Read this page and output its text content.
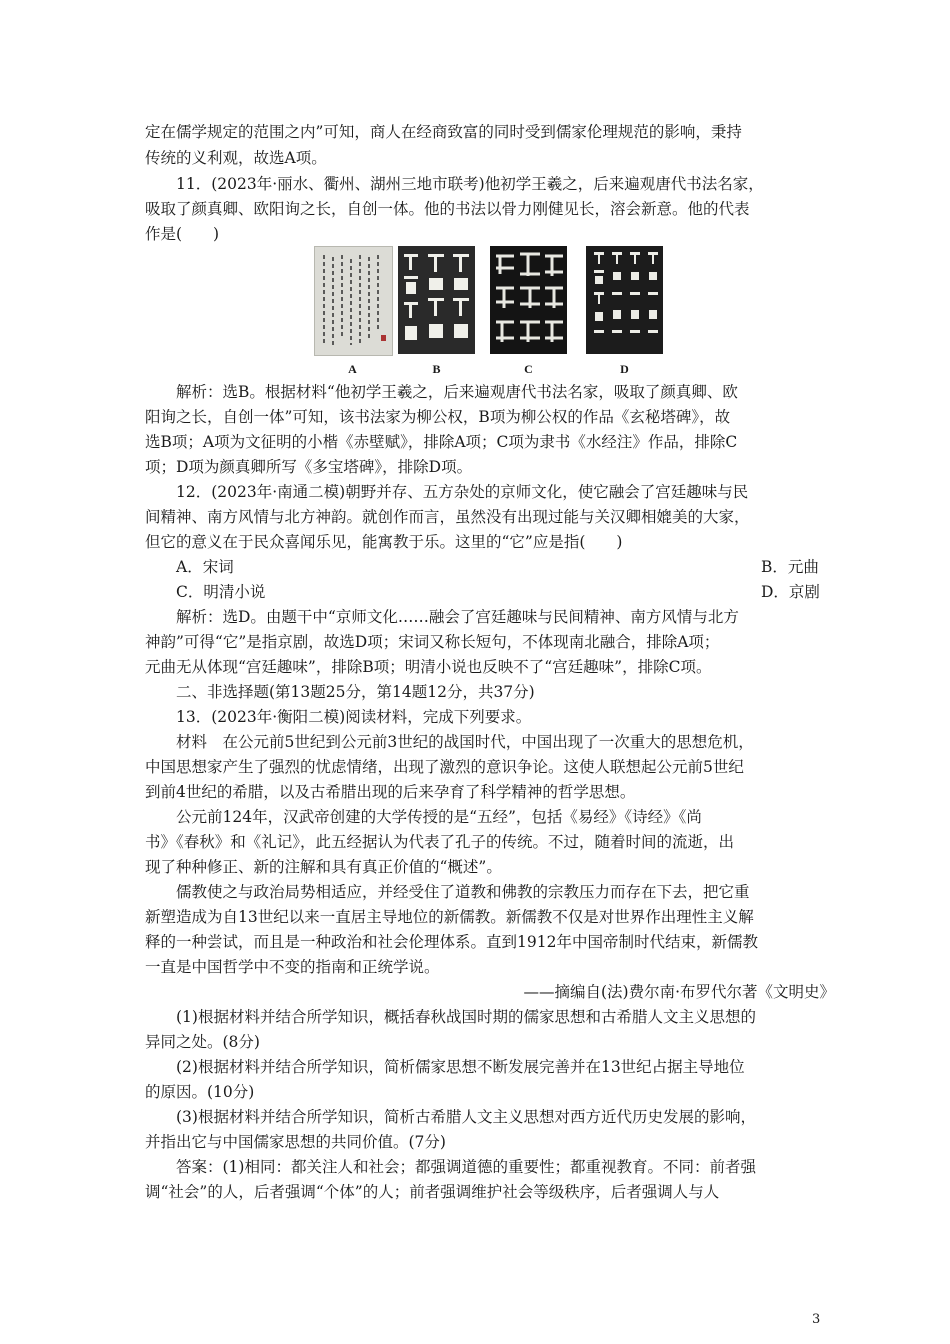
定在儒学规定的范围之内”可知，商人在经商致富的同时受到儒家伦理规范的影响，秉持
传统的义利观，故选A项。
11．(2023年·丽水、衢州、湖州三地市联考)他初学王羲之，后来遍观唐代书法名家，
吸取了颜真卿、欧阳询之长，自创一体。他的书法以骨力刚健见长，溶会新意。他的代表
作是(　　)
A	B	C	D
解析：选B。根据材料“他初学王羲之，后来遍观唐代书法名家，吸取了颜真卿、欧
阳询之长，自创一体”可知，该书法家为柳公权，B项为柳公权的作品《玄秘塔碑》，故
选B项；A项为文征明的小楷《赤壁赋》，排除A项；C项为隶书《水经注》作品，排除C
项；D项为颜真卿所写《多宝塔碑》，排除D项。
12．(2023年·南通二模)朝野并存、五方杂处的京师文化，使它融会了宫廷趣味与民
间精神、南方风情与北方神韵。就创作而言，虽然没有出现过能与关汉卿相媲美的大家，
但它的意义在于民众喜闻乐见，能寓教于乐。这里的“它”应是指(　　)
A．宋词	B．元曲
C．明清小说	D．京剧
解析：选D。由题干中“京师文化……融会了宫廷趣味与民间精神、南方风情与北方
神韵”可得“它”是指京剧，故选D项；宋词又称长短句，不体现南北融合，排除A项；
元曲无从体现“宫廷趣味”，排除B项；明清小说也反映不了“宫廷趣味”，排除C项。
二、非选择题(第13题25分，第14题12分，共37分)
13．(2023年·衡阳二模)阅读材料，完成下列要求。
材料　在公元前5世纪到公元前3世纪的战国时代，中国出现了一次重大的思想危机，
中国思想家产生了强烈的忧虑情绪，出现了激烈的意识争论。这使人联想起公元前5世纪
到前4世纪的希腊，以及古希腊出现的后来孕育了科学精神的哲学思想。
公元前124年，汉武帝创建的大学传授的是“五经”，包括《易经》《诗经》《尚
书》《春秋》和《礼记》，此五经据认为代表了孔子的传统。不过，随着时间的流逝，出
现了种种修正、新的注解和具有真正价值的“概述”。
儒教使之与政治局势相适应，并经受住了道教和佛教的宗教压力而存在下去，把它重
新塑造成为自13世纪以来一直居主导地位的新儒教。新儒教不仅是对世界作出理性主义解
释的一种尝试，而且是一种政治和社会伦理体系。直到1912年中国帝制时代结束，新儒教
一直是中国哲学中不变的指南和正统学说。
——摘编自(法)费尔南·布罗代尔著《文明史》
(1)根据材料并结合所学知识，概括春秋战国时期的儒家思想和古希腊人文主义思想的
异同之处。(8分)
(2)根据材料并结合所学知识，简析儒家思想不断发展完善并在13世纪占据主导地位
的原因。(10分)
(3)根据材料并结合所学知识，简析古希腊人文主义思想对西方近代历史发展的影响，
并指出它与中国儒家思想的共同价值。(7分)
答案：(1)相同：都关注人和社会；都强调道德的重要性；都重视教育。不同：前者强
调“社会”的人，后者强调“个体”的人；前者强调维护社会等级秩序，后者强调人与人
3
